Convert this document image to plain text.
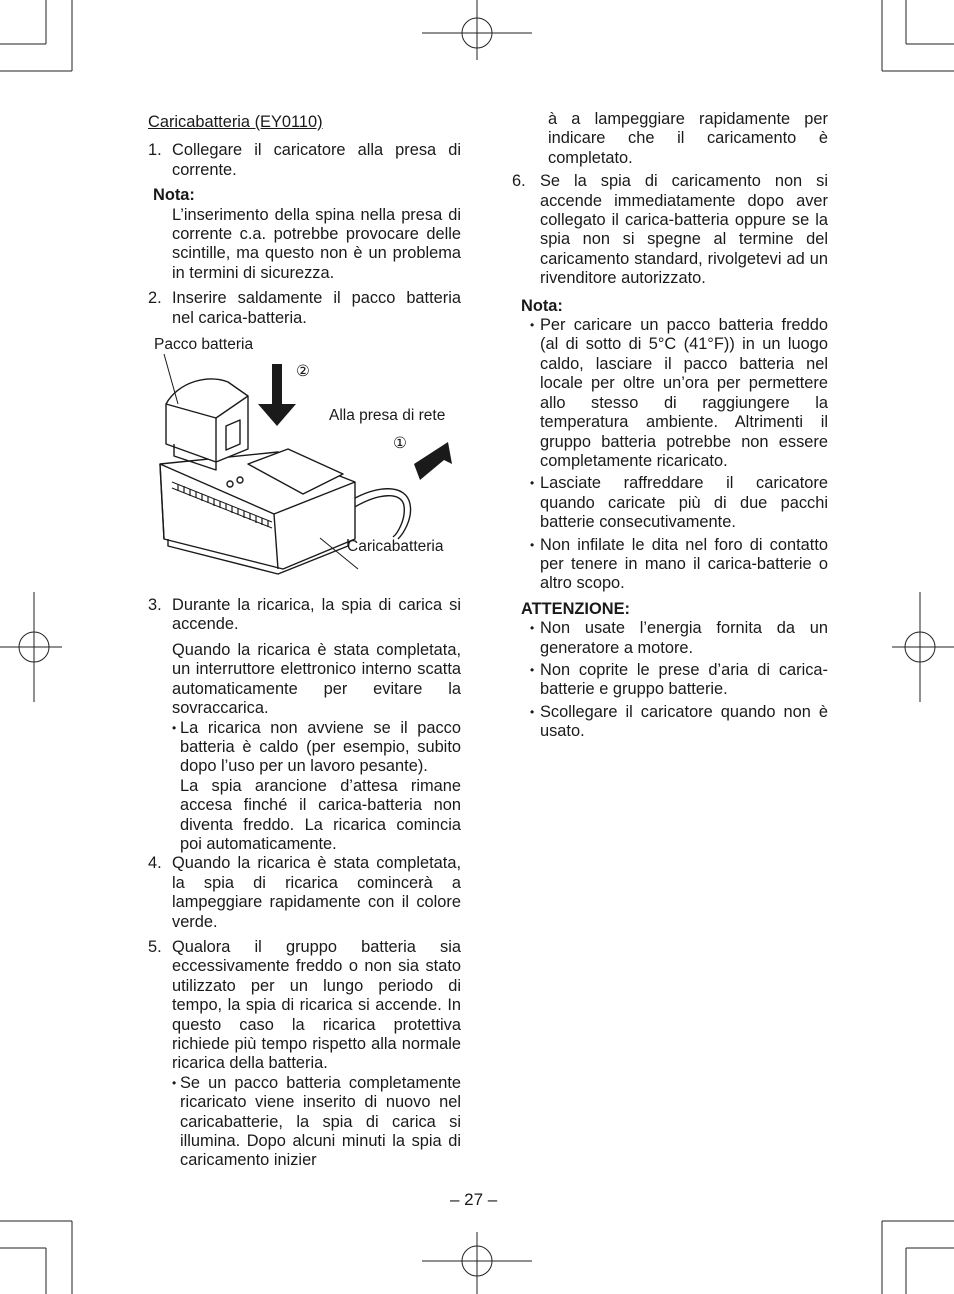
Caricabatteria (EY0110)

1. Collegare il caricatore alla presa di corrente.

Nota:

L’inserimento della spina nella presa di corrente c.a. potrebbe provocare delle scintille, ma questo non è un problema in termini di sicurezza.

2. Inserire saldamente il pacco batteria nel carica-batteria.
Pacco batteria
②
Alla presa di rete
①
Caricabatteria
3. Durante la ricarica, la spia di carica si accende.

Quando la ricarica è stata completata, un interruttore elettronico interno scatta automaticamente per evitare la sovraccarica.

• La ricarica non avviene se il pacco batteria è caldo (per esempio, subito dopo l’uso per un lavoro pesante).
La spia arancione d’attesa rimane accesa finché il carica-batteria non diventa freddo. La ricarica comincia poi automaticamente.
4. Quando la ricarica è stata completata, la spia di ricarica comincerà a lampeggiare rapidamente con il colore verde.
5. Qualora il gruppo batteria sia eccessivamente freddo o non sia stato utilizzato per un lungo periodo di tempo, la spia di ricarica si accende. In questo caso la ricarica protettiva richiede più tempo rispetto alla normale ricarica della batteria.
• Se un pacco batteria completamente ricaricato viene inserito di nuovo nel caricabatterie, la spia di carica si illumina. Dopo alcuni minuti la spia di caricamento inizier

à a lampeggiare rapidamente per indicare che il caricamento è completato.

6. Se la spia di caricamento non si accende immediatamente dopo aver collegato il carica-batteria oppure se la spia non si spegne al termine del caricamento standard, rivolgetevi ad un rivenditore autorizzato.

Nota:

• Per caricare un pacco batteria freddo (al di sotto di 5°C (41°F)) in un luogo caldo, lasciare il pacco batteria nel locale per oltre un’ora per permettere allo stesso di raggiungere la temperatura ambiente. Altrimenti il gruppo batteria potrebbe non essere completamente ricaricato.
• Lasciate raffreddare il caricatore quando caricate più di due pacchi batterie consecutivamente.
• Non infilate le dita nel foro di contatto per tenere in mano il carica-batterie o altro scopo.

ATTENZIONE:

• Non usate l’energia fornita da un generatore a motore.
• Non coprite le prese d’aria di carica-batterie e gruppo batterie.
• Scollegare il caricatore quando non è usato.
– 27 –
